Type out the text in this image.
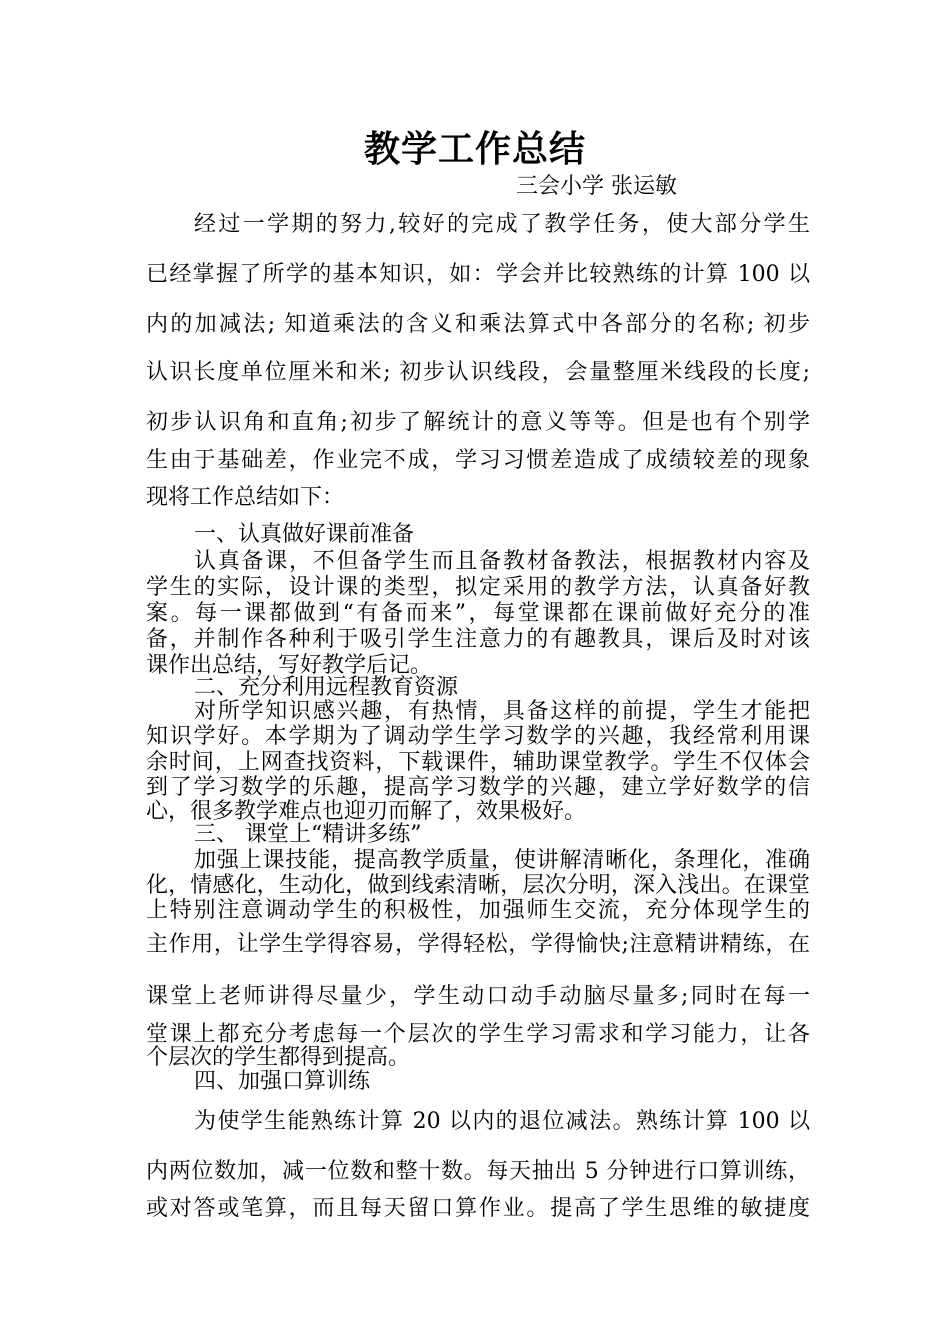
教学工作总结
三会小学 张运敏
经过一学期的努力,较好的完成了教学任务，使大部分学生
已经掌握了所学的基本知识，如：学会并比较熟练的计算 100 以
内的加减法; 知道乘法的含义和乘法算式中各部分的名称; 初步
认识长度单位厘米和米; 初步认识线段，会量整厘米线段的长度;
初步认识角和直角;初步了解统计的意义等等。但是也有个别学
生由于基础差，作业完不成，学习习惯差造成了成绩较差的现象
现将工作总结如下：
一、认真做好课前准备
认真备课，不但备学生而且备教材备教法，根据教材内容及
学生的实际，设计课的类型，拟定采用的教学方法，认真备好教
案。每一课都做到“有备而来”，每堂课都在课前做好充分的准
备，并制作各种利于吸引学生注意力的有趣教具，课后及时对该
课作出总结，写好教学后记。
二、充分利用远程教育资源
对所学知识感兴趣，有热情，具备这样的前提，学生才能把
知识学好。本学期为了调动学生学习数学的兴趣，我经常利用课
余时间，上网查找资料，下载课件，辅助课堂教学。学生不仅体会
到了学习数学的乐趣，提高学习数学的兴趣，建立学好数学的信
心，很多教学难点也迎刃而解了，效果极好。
三、 课堂上“精讲多练”
加强上课技能，提高教学质量，使讲解清晰化，条理化，准确
化，情感化，生动化，做到线索清晰，层次分明，深入浅出。在课堂
上特别注意调动学生的积极性，加强师生交流，充分体现学生的
主作用，让学生学得容易，学得轻松，学得愉快;注意精讲精练，在
课堂上老师讲得尽量少，学生动口动手动脑尽量多;同时在每一
堂课上都充分考虑每一个层次的学生学习需求和学习能力，让各
个层次的学生都得到提高。
四、加强口算训练
为使学生能熟练计算 20 以内的退位减法。熟练计算 100 以
内两位数加，减一位数和整十数。每天抽出 5 分钟进行口算训练，
或对答或笔算，而且每天留口算作业。提高了学生思维的敏捷度
